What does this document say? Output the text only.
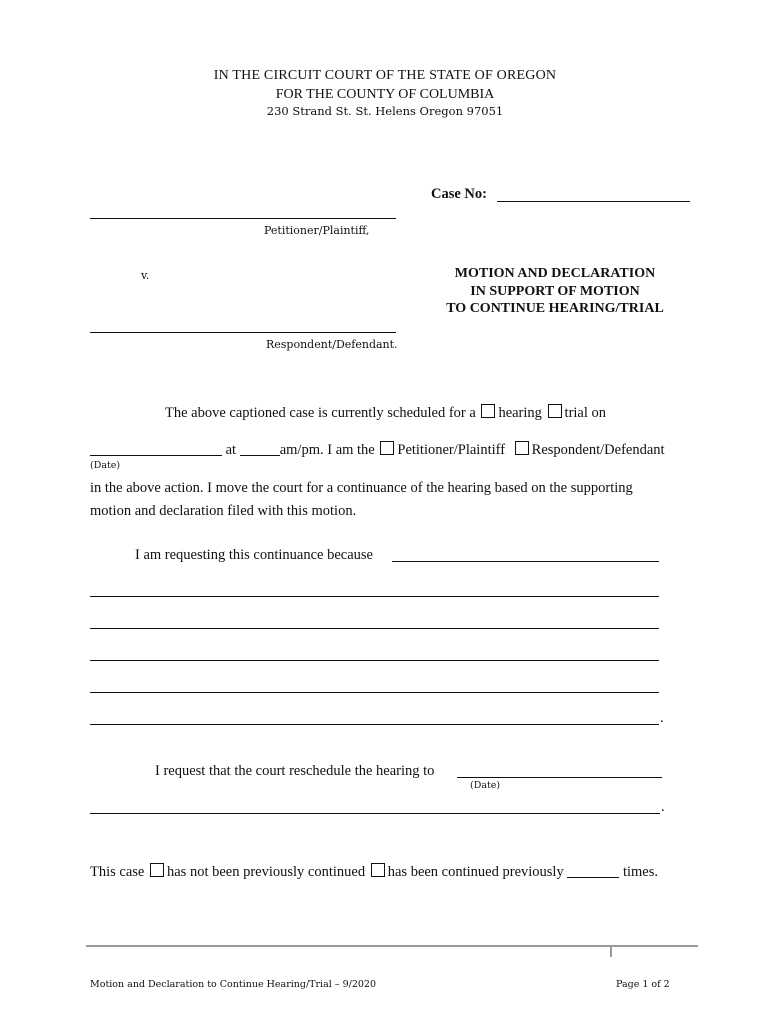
IN THE CIRCUIT COURT OF THE STATE OF OREGON
FOR THE COUNTY OF COLUMBIA
230 Strand St. St. Helens Oregon 97051
Case No:
Petitioner/Plaintiff,
v.	MOTION AND DECLARATION
IN SUPPORT OF MOTION
TO CONTINUE HEARING/TRIAL
Respondent/Defendant.
The above captioned case is currently scheduled for a hearing trial on
at	am/pm. I am the Petitioner/Plaintiff Respondent/Defendant
(Date)
in the above action. I move the court for a continuance of the hearing based on the supporting
motion and declaration filed with this motion.
I am requesting this continuance because
.
I request that the court reschedule the hearing to
(Date)
.
This case has not been previously continued has been continued previously	times.
Motion and Declaration to Continue Hearing/Trial – 9/2020	Page 1 of 2
